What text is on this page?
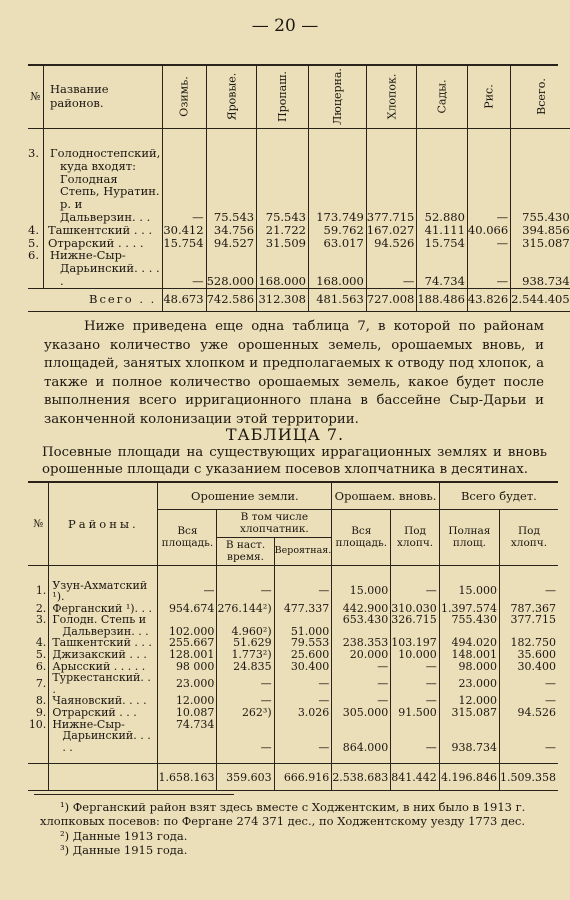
— 20 —
№	Название районов.	Озимь.	Яровые.	Пропаш.	Люцерна.	Хлопок.	Сады.	Рис.	Всего.

3.	Голодностепский, куда входят: Голодная Степь, Нуратин. р. и Дальверзин. . .	—	75.543	75.543	173.749	377.715	52.880	—	755.430
4.	Ташкентский . . .	30.412	34.756	21.722	59.762	167.027	41.111	40.066	394.856
5.	Отрарский . . . .	15.754	94.527	31.509	63.017	94.526	15.754	—	315.087
6.	Нижне-Сыр-Дарьинский. . . . .	—	528.000	168.000	168.000	—	74.734	—	938.734
Всего . .		48.673	742.586	312.308	481.563	727.008	188.486	43.826	2.544.405
Ниже приведена еще одна таблица 7, в которой по районам указано количество уже орошенных земель, орошаемых вновь, и площадей, занятых хлопком и предполагаемых к отводу под хлопок, а также и полное количество орошаемых земель, какое будет после выполнения всего ирригационного плана в бассейне Сыр-Дарьи и законченной колонизации этой территории.
ТАБЛИЦА 7.
Посевные площади на существующих иррагационных землях и вновь орошенные площади с указанием посевов хлопчатника в десятинах.
№	Районы.	Орошение земли.			Орошаем. вновь.		Всего будет.	
		Вся площадь.	В том числе хлопчатник.		Вся площадь.	Под хлопч.	Полная площ.	Под хлопч.
			В наст. время.	Вероятная.				

1.	Узун-Ахматский ¹).	—	—	—	15.000	—	15.000	—
2.	Ферганский ¹). . .	954.674	276.144²)	477.337	442.900	310.030	1.397.574	787.367
3.	Голодн. Степь и Дальверзин. . .	102.000	4.960²)	51.000	653.430	326.715	755.430	377.715
4.	Ташкентский . . .	255.667	51.629	79.553	238.353	103.197	494.020	182.750
5.	Джизакский . . .	128.001	1.773²)	25.600	20.000	10.000	148.001	35.600
6.	Арысский . . . . .	98 000	24.835	30.400	—	—	98.000	30.400
7.	Туркестанский. . .	23.000	—	—	—	—	23.000	—
8.	Чаяновский. . . .	12.000	—	—	—	—	12.000	—
9.	Отрарский . . .	10.087	262³)	3.026	305.000	91.500	315.087	94.526
10.	Нижне-Сыр-Дарьинский. . . . .	74.734	—	—	864.000	—	938.734	—

		1.658.163	359.603	666.916	2.538.683	841.442	4.196.846	1.509.358
¹) Ферганский район взят здесь вместе с Ходжентским, в них было в 1913 г. хлопковых посевов: по Фергане 274 371 дес., по Ходжентскому уезду 1773 дес.
²) Данные 1913 года.
³) Данные 1915 года.
